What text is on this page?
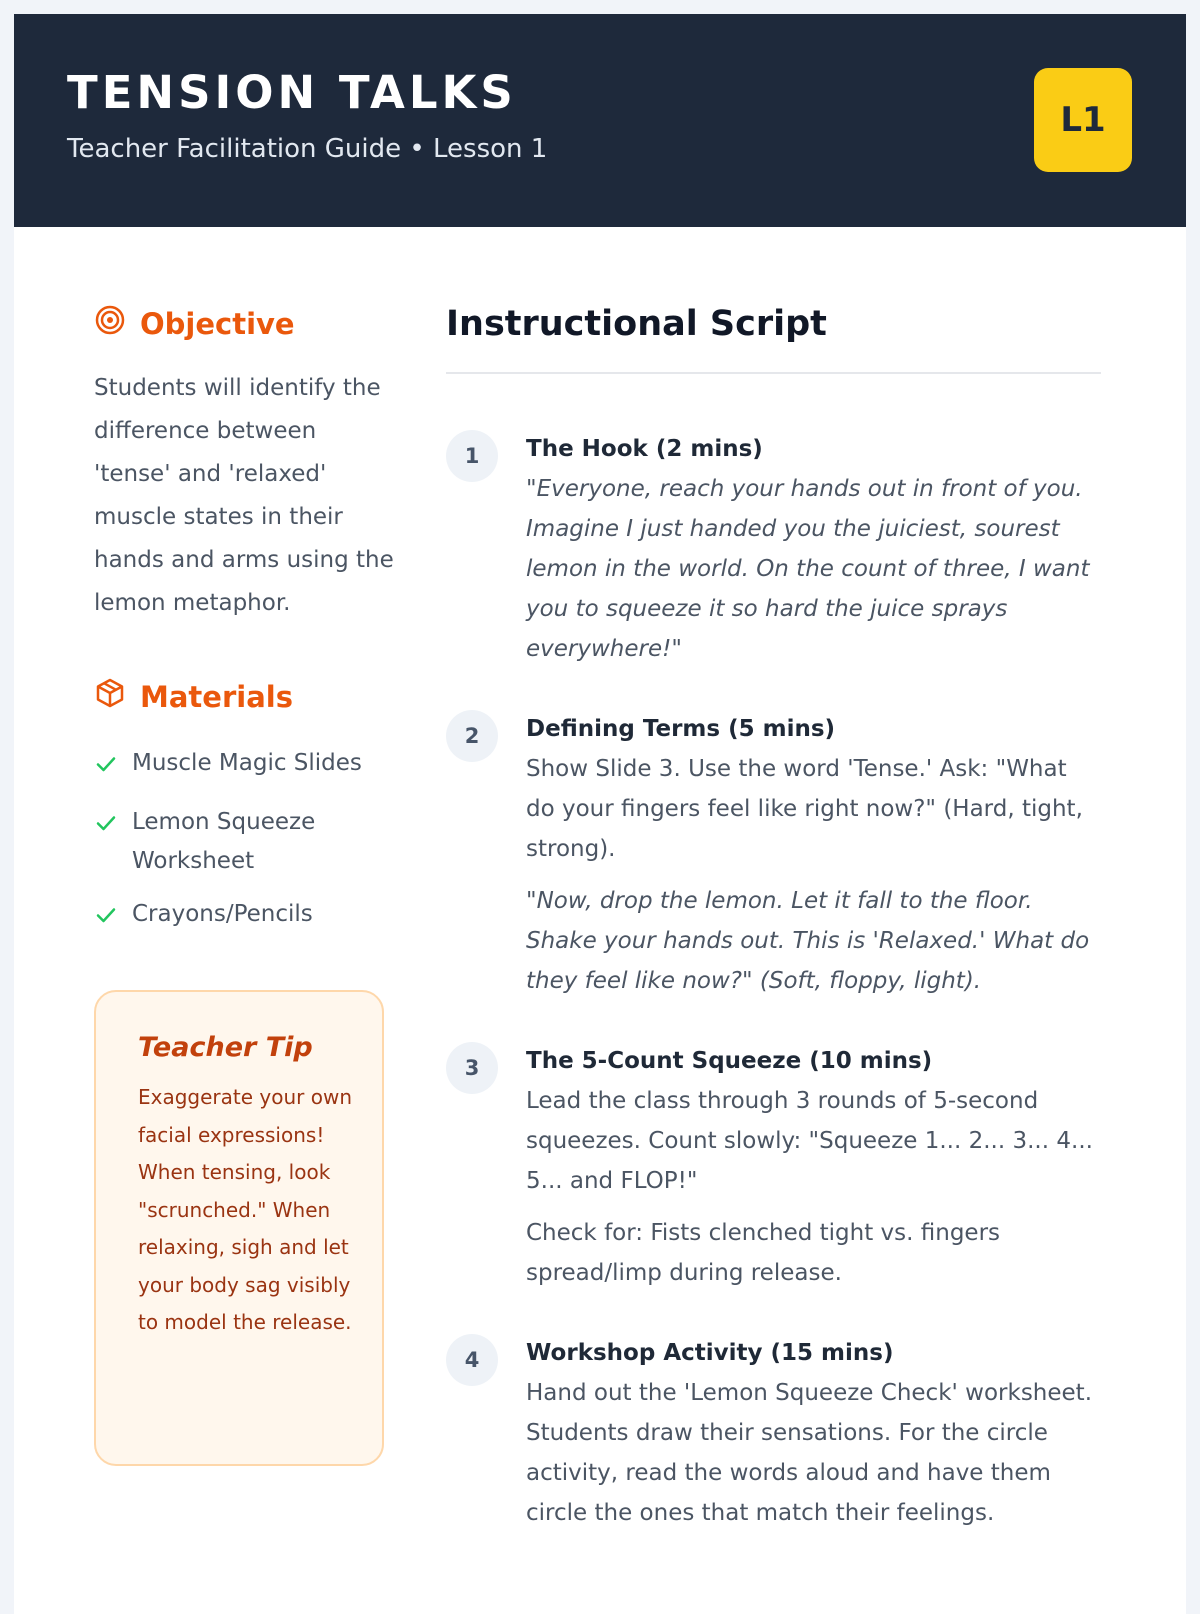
TENSION TALKS
Teacher Facilitation Guide • Lesson 1
L1
Objective
Students will identify the difference between 'tense' and 'relaxed' muscle states in their hands and arms using the lemon metaphor.
Materials
Muscle Magic Slides
Lemon Squeeze Worksheet
Crayons/Pencils
Teacher Tip
Exaggerate your own facial expressions! When tensing, look "scrunched." When relaxing, sigh and let your body sag visibly to model the release.
Instructional Script
1	The Hook (2 mins)

"Everyone, reach your hands out in front of you. Imagine I just handed you the juiciest, sourest lemon in the world. On the count of three, I want you to squeeze it so hard the juice sprays everywhere!"

2	Defining Terms (5 mins)

Show Slide 3. Use the word 'Tense.' Ask: "What do your fingers feel like right now?" (Hard, tight, strong).

"Now, drop the lemon. Let it fall to the floor. Shake your hands out. This is 'Relaxed.' What do they feel like now?" (Soft, floppy, light).

3	The 5-Count Squeeze (10 mins)

Lead the class through 3 rounds of 5-second squeezes. Count slowly: "Squeeze 1... 2... 3... 4... 5... and FLOP!"

Check for: Fists clenched tight vs. fingers spread/limp during release.

4	Workshop Activity (15 mins)

Hand out the 'Lemon Squeeze Check' worksheet. Students draw their sensations. For the circle activity, read the words aloud and have them circle the ones that match their feelings.
